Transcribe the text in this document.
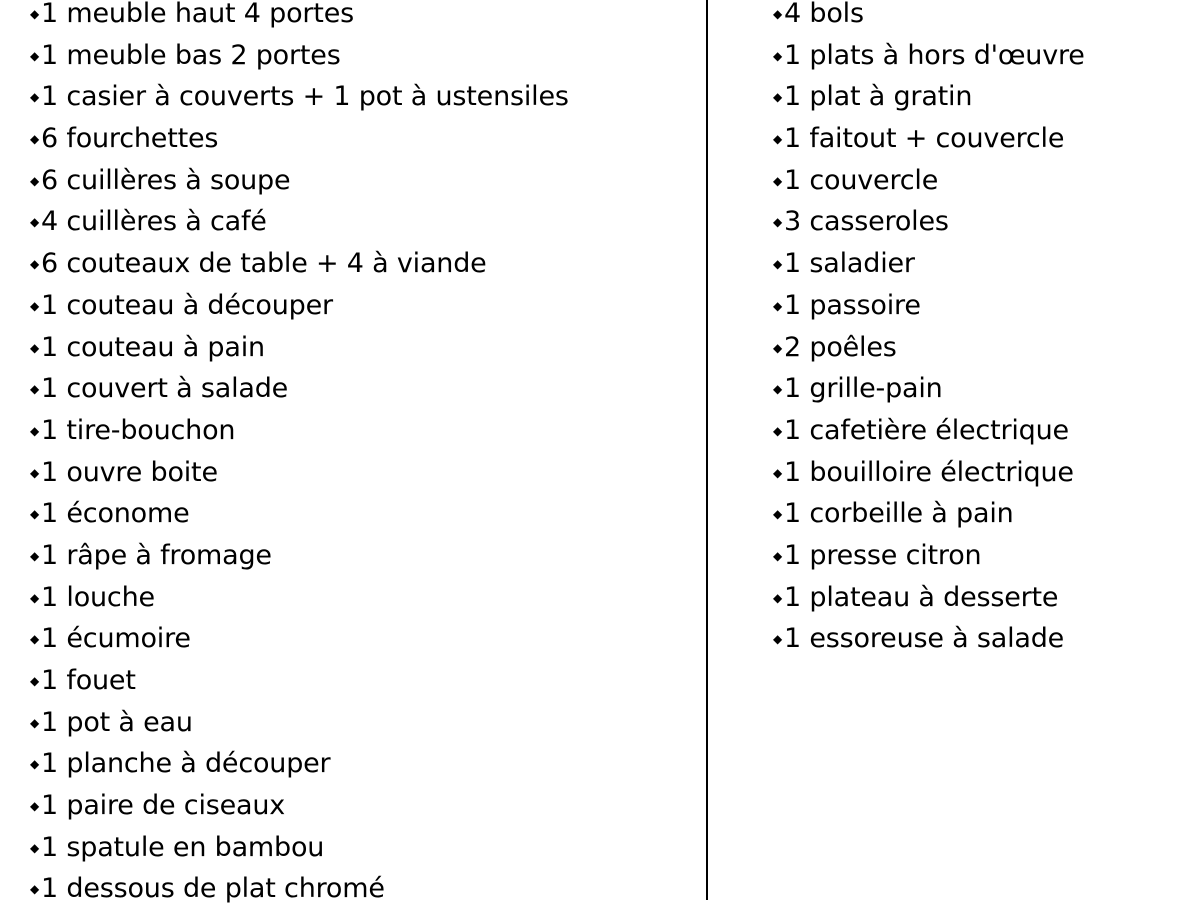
◆1 meuble haut 4 portes
◆1 meuble bas 2 portes
◆1 casier à couverts + 1 pot à ustensiles
◆6 fourchettes
◆6 cuillères à soupe
◆4 cuillères à café
◆6 couteaux de table + 4 à viande
◆1 couteau à découper
◆1 couteau à pain
◆1 couvert à salade
◆1 tire-bouchon
◆1 ouvre boite
◆1 économe
◆1 râpe à fromage
◆1 louche
◆1 écumoire
◆1 fouet
◆1 pot à eau
◆1 planche à découper
◆1 paire de ciseaux
◆1 spatule en bambou
◆1 dessous de plat chromé
◆4 bols
◆1 plats à hors d'œuvre
◆1 plat à gratin
◆1 faitout + couvercle
◆1 couvercle
◆3 casseroles
◆1 saladier
◆1 passoire
◆2 poêles
◆1 grille-pain
◆1 cafetière électrique
◆1 bouilloire électrique
◆1 corbeille à pain
◆1 presse citron
◆1 plateau à desserte
◆1 essoreuse à salade
